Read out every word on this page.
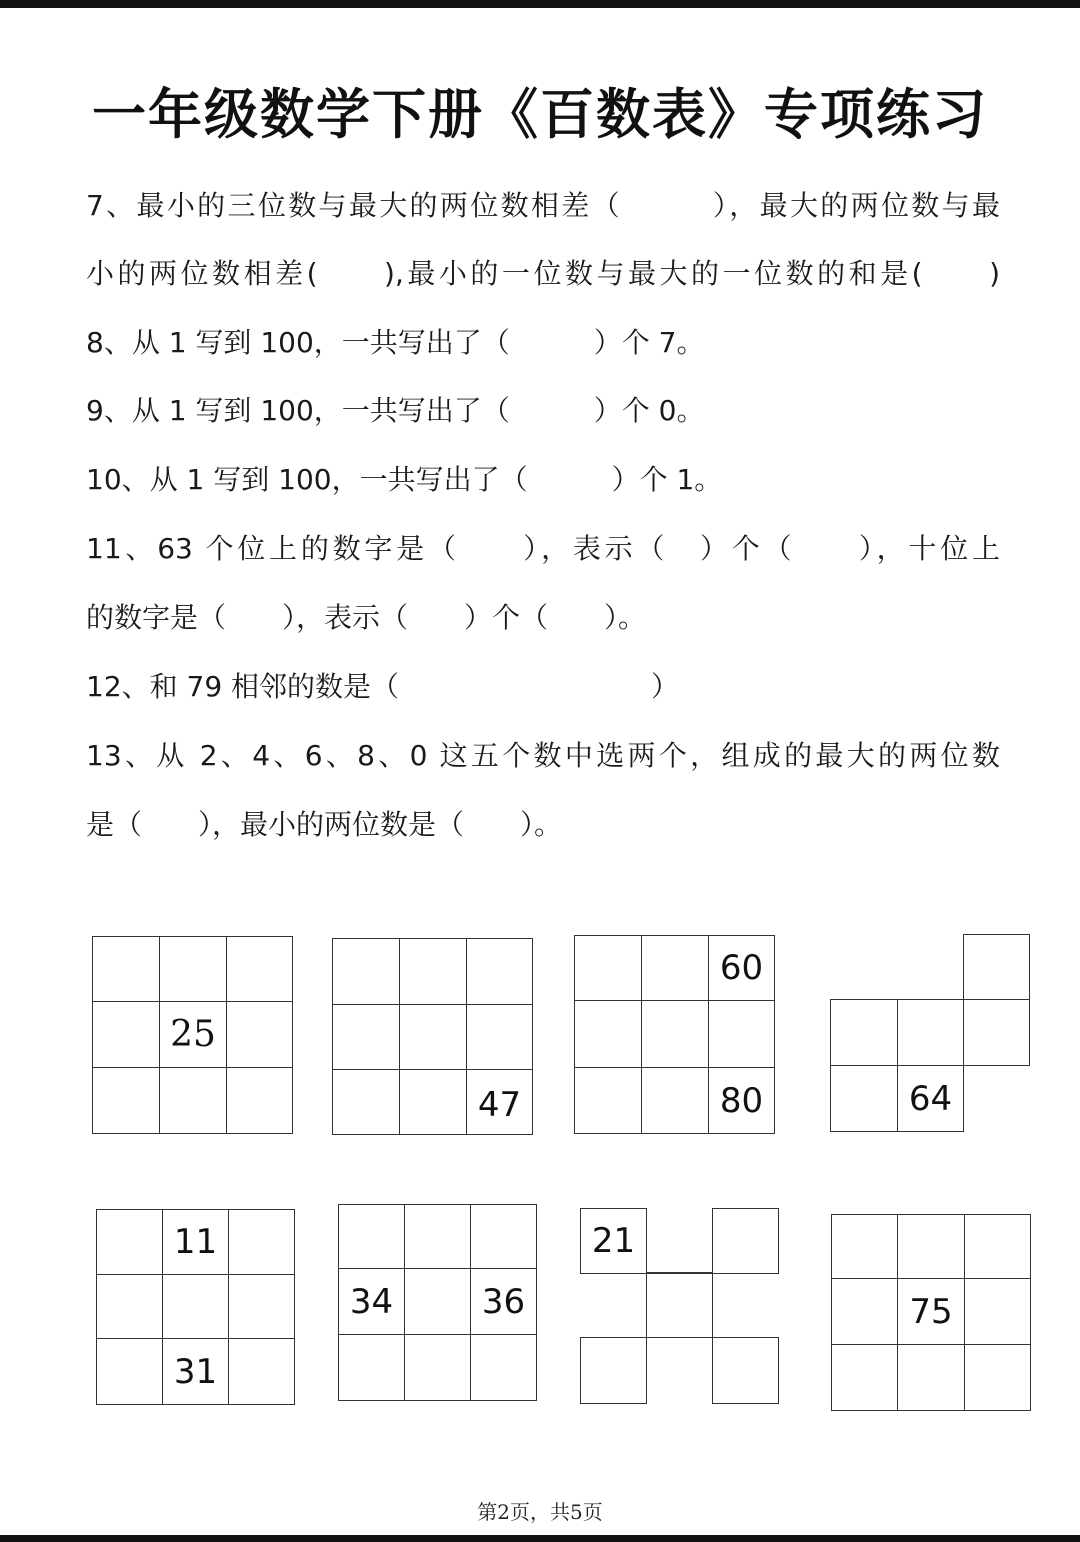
一年级数学下册《百数表》专项练习
7、最小的三位数与最大的两位数相差（　　　），最大的两位数与最
小的两位数相差(　　),最小的一位数与最大的一位数的和是(　　)
8、从 1 写到 100，一共写出了（　　　）个 7。
9、从 1 写到 100，一共写出了（　　　）个 0。
10、从 1 写到 100，一共写出了（　　　）个 1。
11、63 个位上的数字是（　　），表示（　）个（　　），十位上
的数字是（　　），表示（　　）个（　　）。
12、和 79 相邻的数是（　　　　　　　　　）
13、从 2、4、6、8、0 这五个数中选两个，组成的最大的两位数
是（　　），最小的两位数是（　　）。
25
47
60
80	64
11
31
34	36
21
75
第2页，共5页
